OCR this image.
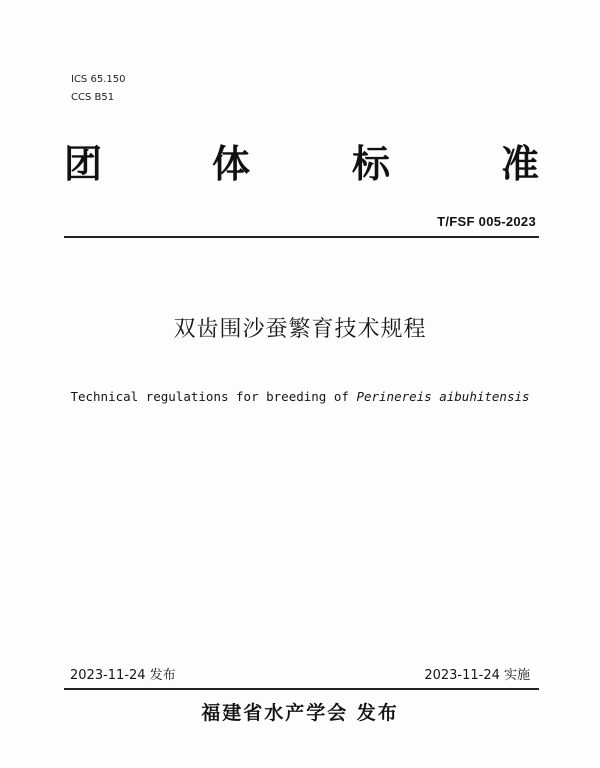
ICS 65.150
CCS B51
团	体	标	准
T/FSF 005-2023
双齿围沙蚕繁育技术规程
Technical regulations for breeding of Perinereis aibuhitensis
2023-11-24 发布	2023-11-24 实施
福建省水产学会 发布
